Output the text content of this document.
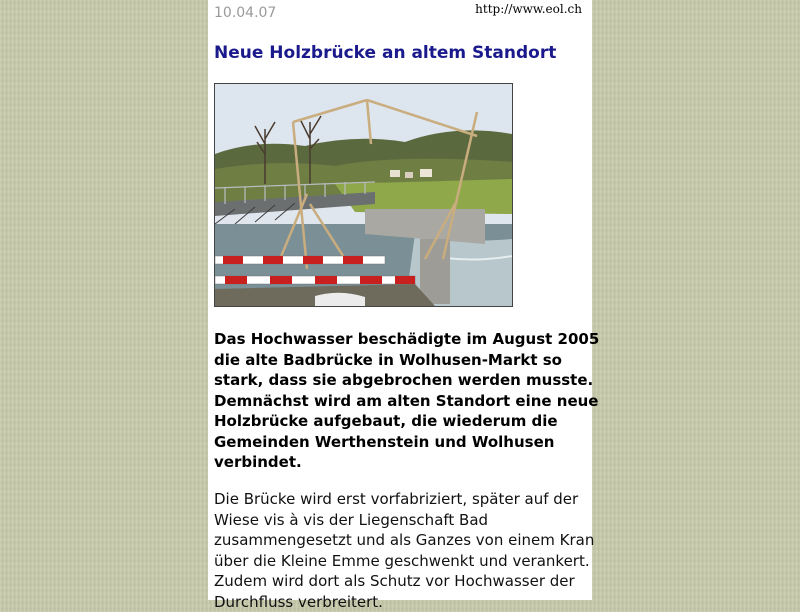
10.04.07	http://www.eol.ch
Neue Holzbrücke an altem Standort

Das Hochwasser beschädigte im August 2005
die alte Badbrücke in Wolhusen-Markt so
stark, dass sie abgebrochen werden musste.
Demnächst wird am alten Standort eine neue
Holzbrücke aufgebaut, die wiederum die
Gemeinden Werthenstein und Wolhusen
verbindet.

Die Brücke wird erst vorfabriziert, später auf der
Wiese vis à vis der Liegenschaft Bad
zusammengesetzt und als Ganzes von einem Kran
über die Kleine Emme geschwenkt und verankert.
Zudem wird dort als Schutz vor Hochwasser der
Durchfluss verbreitert.
